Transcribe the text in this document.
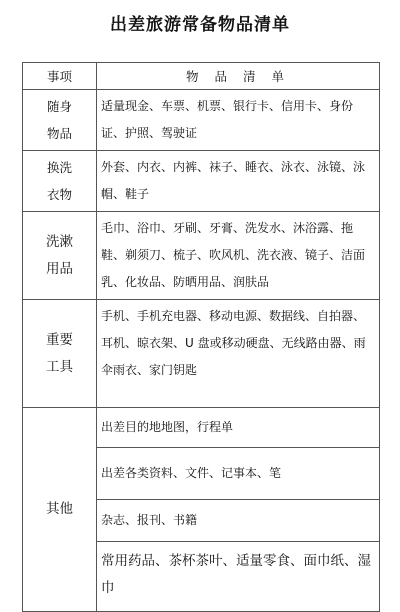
出差旅游常备物品清单
事项	物 品 清 单

随身
物品	适量现金、车票、机票、银行卡、信用卡、身份证、护照、驾驶证

换洗
衣物	外套、内衣、内裤、袜子、睡衣、泳衣、泳镜、泳帽、鞋子

洗漱
用品	毛巾、浴巾、牙刷、牙膏、洗发水、沐浴露、拖鞋、剃须刀、梳子、吹风机、洗衣液、镜子、洁面乳、化妆品、防晒用品、润肤品

重要
工具	手机、手机充电器、移动电源、数据线、自拍器、耳机、晾衣架、U 盘或移动硬盘、无线路由器、雨伞雨衣、家门钥匙

其他	出差目的地地图，行程单
	出差各类资料、文件、记事本、笔
	杂志、报刊、书籍
	常用药品、茶杯茶叶、适量零食、面巾纸、湿巾
